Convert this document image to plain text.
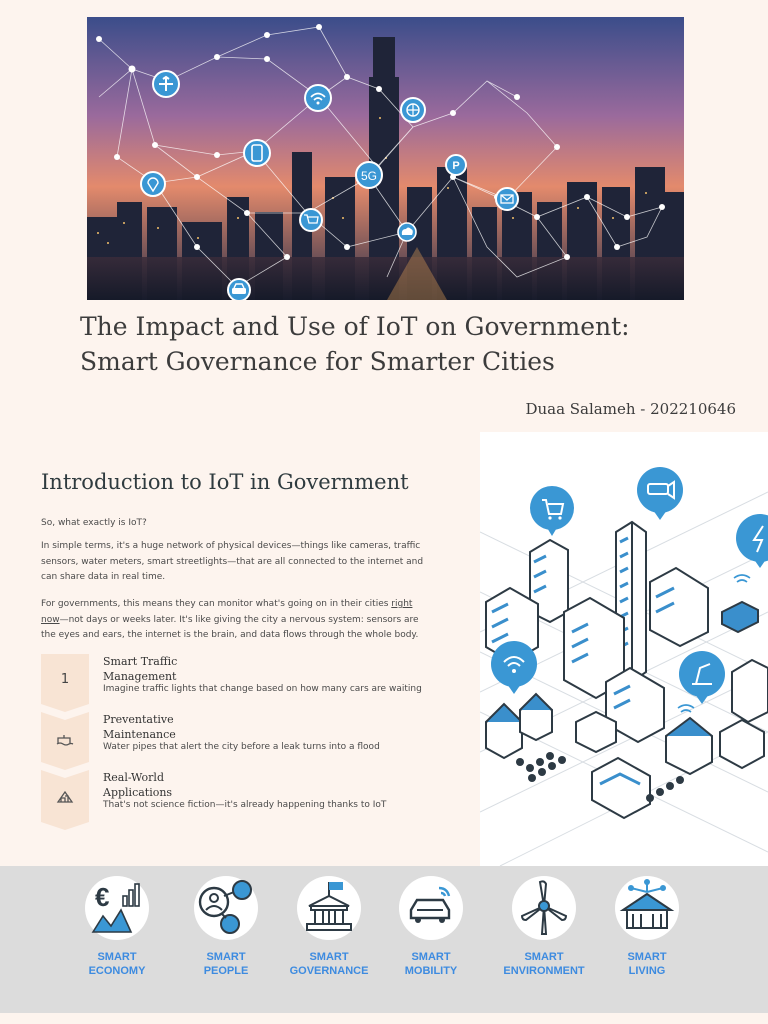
5G
P
The Impact and Use of IoT on Government:
Smart Governance for Smarter Cities
Duaa Salameh - 202210646
Introduction to IoT in Government

So, what exactly is IoT?

In simple terms, it's a huge network of physical devices—things like cameras, traffic sensors, water meters, smart streetlights—that are all connected to the internet and can share data in real time.

For governments, this means they can monitor what's going on in their cities right now—not days or weeks later. It's like giving the city a nervous system: sensors are the eyes and ears, the internet is the brain, and data flows through the whole body.

1
Smart Traffic Management
Imagine traffic lights that change based on how many cars are waiting
Preventative Maintenance
Water pipes that alert the city before a leak turns into a flood
Real-World Applications
That's not science fiction—it's already happening thanks to IoT
€
SMART
ECONOMY
SMART
PEOPLE
SMART
GOVERNANCE
SMART
MOBILITY
SMART
ENVIRONMENT
SMART
LIVING
